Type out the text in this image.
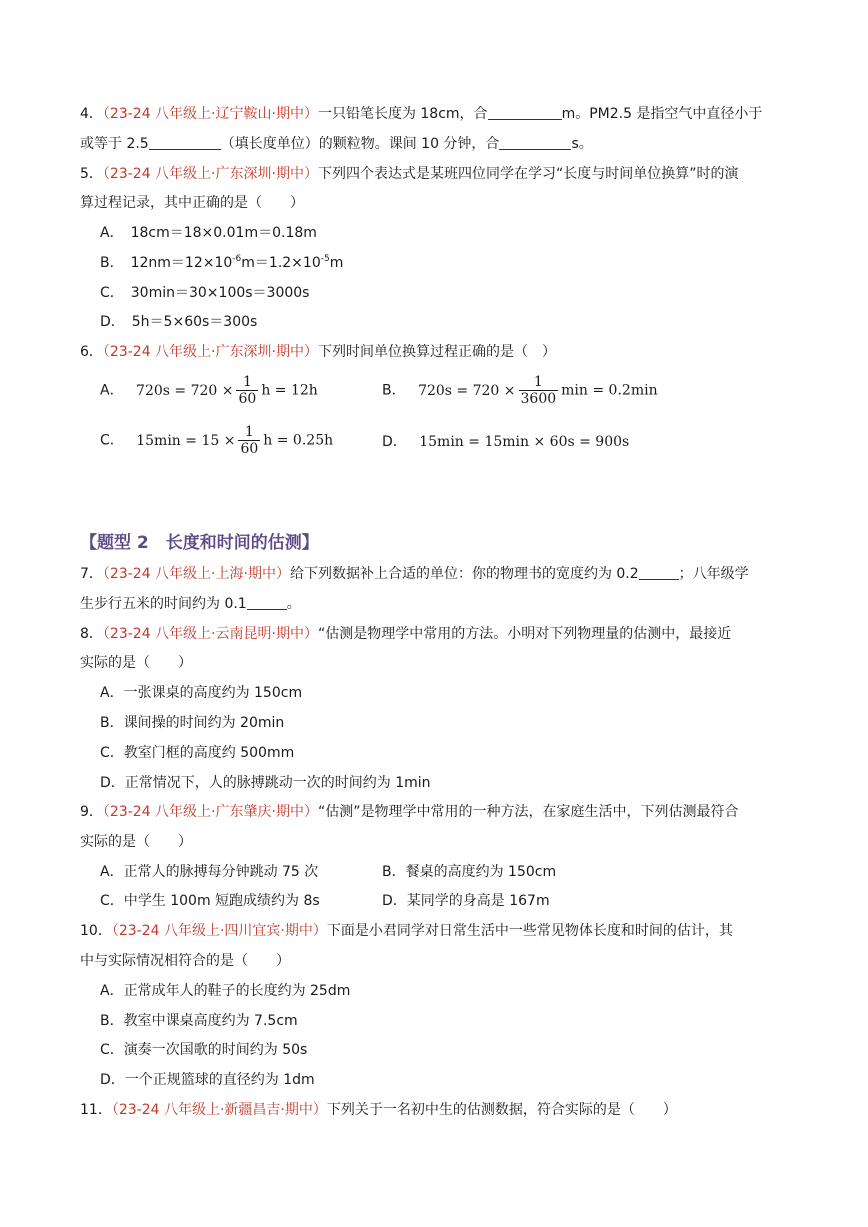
4．（23-24 八年级上·辽宁鞍山·期中）一只铅笔长度为 18cm，合	m。PM2.5 是指空气中直径小于
或等于 2.5	（填长度单位）的颗粒物。课间 10 分钟，合	s。
5．（23-24 八年级上·广东深圳·期中）下列四个表达式是某班四位同学在学习“长度与时间单位换算”时的演
算过程记录，其中正确的是（　　）
A．　18cm＝18×0.01m＝0.18m
B．　$12nm=12\times 10^{-6}m=1.2\times 10^{-5}m$
C．　30min＝30×100s＝3000s
D．　5h＝5×60s＝300s
6．（23-24 八年级上·广东深圳·期中）下列时间单位换算过程正确的是（　）
A． $720s = 720 \times \frac{1}{60}$ h = 12h	B． $720s = 720 \times \frac{1}{3600}$ min = 0.2min
C． $15\min = 15 \times \frac{1}{60}$ h = 0.25h	D． 15min = 15min × 60s = 900s
【题型 2　长度和时间的估测】
7．（23-24 八年级上·上海·期中）给下列数据补上合适的单位：你的物理书的宽度约为 0.2	；八年级学
生步行五米的时间约为 0.1	。
8．（23-24 八年级上·云南昆明·期中）“估测是物理学中常用的方法。小明对下列物理量的估测中，最接近
实际的是（　　）
A．一张课桌的高度约为 150cm
B．课间操的时间约为 20min
C．教室门框的高度约 500mm
D．正常情况下，人的脉搏跳动一次的时间约为 1min
9．（23-24 八年级上·广东肇庆·期中）“估测”是物理学中常用的一种方法，在家庭生活中，下列估测最符合
实际的是（　　）
A．正常人的脉搏每分钟跳动 75 次	B．餐桌的高度约为 150cm
C．中学生 100m 短跑成绩约为 8s	D．某同学的身高是 167m
10．（23-24 八年级上·四川宜宾·期中）下面是小君同学对日常生活中一些常见物体长度和时间的估计，其
中与实际情况相符合的是（　　）
A．正常成年人的鞋子的长度约为 25dm
B．教室中课桌高度约为 7.5cm
C．演奏一次国歌的时间约为 50s
D．一个正规篮球的直径约为 1dm
11．（23-24 八年级上·新疆昌吉·期中）下列关于一名初中生的估测数据，符合实际的是（　　）
